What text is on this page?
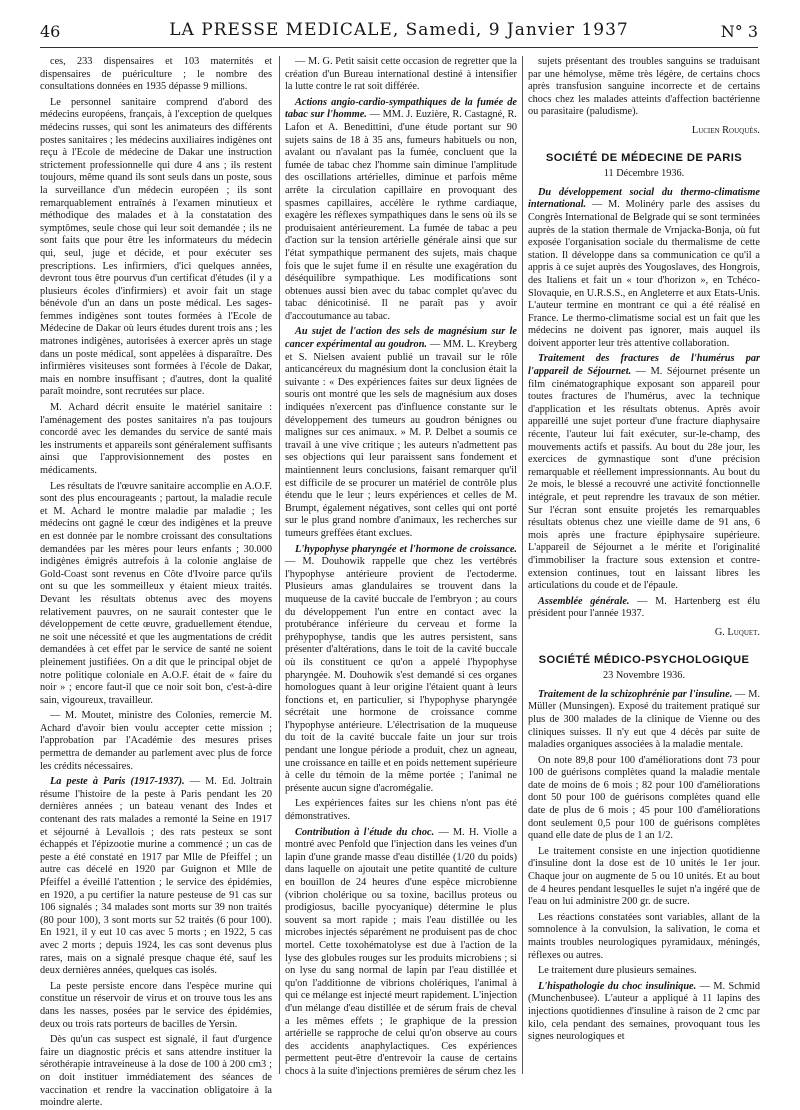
46	LA PRESSE MEDICALE, Samedi, 9 Janvier 1937	N° 3

ces, 233 dispensaires et 103 maternités et dispensaires de puériculture ; le nombre des consultations données en 1935 dépasse 9 millions.

Le personnel sanitaire comprend d'abord des médecins européens, français, à l'exception de quelques médecins russes, qui sont les animateurs des différents postes sanitaires ; les médecins auxiliaires indigènes ont reçu à l'Ecole de médecine de Dakar une instruction strictement professionnelle qui dure 4 ans ; ils restent toujours, même quand ils sont seuls dans un poste, sous la surveillance d'un médecin européen ; ils sont remarquablement entraînés à l'examen minutieux et méthodique des malades et à la constatation des symptômes, seule chose qui leur soit demandée ; ils ne sont faits que pour être les informateurs du médecin qui, seul, juge et décide, et pour exécuter ses prescriptions. Les infirmiers, d'ici quelques années, devront tous être pourvus d'un certificat d'études (il y a plusieurs écoles d'infirmiers) et avoir fait un stage bénévole d'un an dans un poste médical. Les sages-femmes indigènes sont toutes formées à l'Ecole de Médecine de Dakar où leurs études durent trois ans ; les matrones indigènes, autorisées à exercer après un stage dans un poste médical, sont appelées à disparaître. Des infirmières visiteuses sont formées à l'école de Dakar, mais en nombre insuffisant ; d'autres, dont la qualité paraît moindre, sont recrutées sur place.

M. Achard décrit ensuite le matériel sanitaire : l'aménagement des postes sanitaires n'a pas toujours concordé avec les demandes du service de santé mais les instruments et appareils sont généralement suffisants ainsi que l'approvisionnement des postes en médicaments.

Les résultats de l'œuvre sanitaire accomplie en A.O.F. sont des plus encourageants ; partout, la maladie recule et M. Achard le montre maladie par maladie ; les médecins ont gagné le cœur des indigènes et la preuve en est donnée par le nombre croissant des consultations demandées par les mères pour leurs enfants ; 30.000 indigènes émigrés autrefois à la colonie anglaise de Gold-Coast sont revenus en Côte d'Ivoire parce qu'ils ont su que les sommeilleux y étaient mieux traités. Devant les résultats obtenus avec des moyens relativement pauvres, on ne saurait contester que le développement de cette œuvre, graduellement étendue, ne soit une nécessité et que les augmentations de crédit demandées à cet effet par le service de santé ne soient pleinement justifiées. On a dit que le principal objet de notre politique coloniale en A.O.F. était de « faire du noir » ; encore faut-il que ce noir soit bon, c'est-à-dire sain, vigoureux, travailleur.

— M. Moutet, ministre des Colonies, remercie M. Achard d'avoir bien voulu accepter cette mission ; l'approbation par l'Académie des mesures prises permettra de demander au parlement avec plus de force les crédits nécessaires.

La peste à Paris (1917-1937). — M. Ed. Joltrain résume l'histoire de la peste à Paris pendant les 20 dernières années ; un bateau venant des Indes et contenant des rats malades a remonté la Seine en 1917 et séjourné à Levallois ; des rats pesteux se sont échappés et l'épizootie murine a commencé ; un cas de peste a été constaté en 1917 par Mlle de Pfeiffel ; un autre cas décelé en 1920 par Guignon et Mlle de Pfeiffel a éveillé l'attention ; le service des épidémies, en 1920, a pu certifier la nature pesteuse de 91 cas sur 106 signalés ; 34 malades sont morts sur 39 non traités (80 pour 100), 3 sont morts sur 52 traités (6 pour 100). En 1921, il y eut 10 cas avec 5 morts ; en 1922, 5 cas avec 2 morts ; depuis 1924, les cas sont devenus plus rares, mais on a signalé presque chaque été, sauf les deux dernières années, quelques cas isolés.

La peste persiste encore dans l'espèce murine qui constitue un réservoir de virus et on trouve tous les ans dans les nasses, posées par le service des épidémies, deux ou trois rats porteurs de bacilles de Yersin.

Dès qu'un cas suspect est signalé, il faut d'urgence faire un diagnostic précis et sans attendre instituer la sérothérapie intraveineuse à la dose de 100 à 200 cm3 ; on doit instituer immédiatement des séances de vaccination et rendre la vaccination obligatoire à la moindre alerte.

— M. G. Petit saisit cette occasion de regretter que la création d'un Bureau international destiné à intensifier la lutte contre le rat soit différée.

Actions angio-cardio-sympathiques de la fumée de tabac sur l'homme. — MM. J. Euzière, R. Castagné, R. Lafon et A. Benedittini, d'une étude portant sur 90 sujets sains de 18 à 35 ans, fumeurs habituels ou non, avalant ou n'avalant pas la fumée, concluent que la fumée de tabac chez l'homme sain diminue l'amplitude des oscillations artérielles, diminue et parfois même arrête la circulation capillaire en provoquant des spasmes capillaires, accélère le rythme cardiaque, exagère les réflexes sympathiques dans le sens où ils se produisaient antérieurement. La fumée de tabac a peu d'action sur la tension artérielle générale ainsi que sur l'état sympathique permanent des sujets, mais chaque fois que le sujet fume il en résulte une exagération du déséquilibre sympathique. Les modifications sont obtenues aussi bien avec du tabac complet qu'avec du tabac dénicotinisé. Il ne paraît pas y avoir d'accoutumance au tabac.

Au sujet de l'action des sels de magnésium sur le cancer expérimental au goudron. — MM. L. Kreyberg et S. Nielsen avaient publié un travail sur le rôle anticancéreux du magnésium dont la conclusion était la suivante : « Des expériences faites sur deux lignées de souris ont montré que les sels de magnésium aux doses indiquées n'exercent pas d'influence constante sur le développement des tumeurs au goudron bénignes ou malignes sur ces animaux. » M. P. Delbet a soumis ce travail à une vive critique ; les auteurs n'admettent pas ses objections qui leur paraissent sans fondement et maintiennent leurs conclusions, faisant remarquer qu'il est difficile de se procurer un matériel de contrôle plus étendu que le leur ; leurs expériences et celles de M. Brumpt, également négatives, sont celles qui ont porté sur le plus grand nombre d'animaux, les recherches sur tumeurs greffées étant exclues.

L'hypophyse pharyngée et l'hormone de croissance. — M. Douhowik rappelle que chez les vertébrés l'hypophyse antérieure provient de l'ectoderme. Plusieurs amas glandulaires se trouvent dans la muqueuse de la cavité buccale de l'embryon ; au cours du développement l'un entre en contact avec la protubérance inférieure du cerveau et forme la préhypophyse, tandis que les autres persistent, sans présenter d'altérations, dans le toit de la cavité buccale où ils constituent ce qu'on a appelé l'hypophyse pharyngée. M. Douhowik s'est demandé si ces organes homologues quant à leur origine l'étaient quant à leurs fonctions et, en particulier, si l'hypophyse pharyngée sécrétait une hormone de croissance comme l'hypophyse antérieure. L'électrisation de la muqueuse du toit de la cavité buccale faite un jour sur trois pendant une longue période a produit, chez un agneau, une croissance en taille et en poids nettement supérieure à celle du témoin de la même portée ; l'animal ne présente aucun signe d'acromégalie.

Les expériences faites sur les chiens n'ont pas été démonstratives.

Contribution à l'étude du choc. — M. H. Violle a montré avec Penfold que l'injection dans les veines d'un lapin d'une grande masse d'eau distillée (1/20 du poids) dans laquelle on ajoutait une petite quantité de culture en bouillon de 24 heures d'une espèce microbienne (vibrion cholérique ou sa toxine, bacillus proteus ou prodigiosus, bacille pyocyanique) détermine le plus souvent sa mort rapide ; mais l'eau distillée ou les microbes injectés séparément ne produisent pas de choc mortel. Cette toxohématolyse est due à l'action de la lyse des globules rouges sur les produits microbiens ; si on lyse du sang normal de lapin par l'eau distillée et qu'on l'additionne de vibrions cholériques, l'animal à qui ce mélange est injecté meurt rapidement. L'injection d'un mélange d'eau distillée et de sérum frais de cheval a les mêmes effets ; le graphique de la pression artérielle se rapproche de celui qu'on observe au cours des accidents anaphylactiques. Ces expériences permettent peut-être d'entrevoir la cause de certains chocs à la suite d'injections premières de sérum chez les

sujets présentant des troubles sanguins se traduisant par une hémolyse, même très légère, de certains chocs après transfusion sanguine incorrecte et de certains chocs chez les malades atteints d'affection bactérienne ou parasitaire (paludisme).

Lucien Rouquès.
SOCIÉTÉ DE MÉDECINE DE PARIS
11 Décembre 1936.

Du développement social du thermo-climatisme international. — M. Molinéry parle des assises du Congrès International de Belgrade qui se sont terminées auprès de la station thermale de Vrnjacka-Bonja, où fut exposée l'organisation sociale du thermalisme de cette station. Il développe dans sa communication ce qu'il a appris à ce sujet auprès des Yougoslaves, des Hongrois, des Italiens et fait un « tour d'horizon », en Tchéco-Slovaquie, en U.R.S.S., en Angleterre et aux Etats-Unis. L'auteur termine en montrant ce qui a été réalisé en France. Le thermo-climatisme social est un fait que les médecins ne doivent pas ignorer, mais auquel ils doivent apporter leur très attentive collaboration.

Traitement des fractures de l'humérus par l'appareil de Séjournet. — M. Séjournet présente un film cinématographique exposant son appareil pour toutes fractures de l'humérus, avec la technique d'application et les résultats obtenus. Après avoir appareillé une sujet porteur d'une fracture diaphysaire récente, l'auteur lui fait exécuter, sur-le-champ, des mouvements actifs et passifs. Au bout du 28e jour, les exercices de gymnastique sont d'une précision remarquable et réellement impressionnants. Au bout du 2e mois, le blessé a recouvré une activité fonctionnelle intégrale, et peut reprendre les travaux de son métier. Sur l'écran sont ensuite projetés les remarquables résultats obtenus chez une vieille dame de 91 ans, 6 mois après une fracture épiphysaire supérieure. L'appareil de Séjournet a le mérite et l'originalité d'immobiliser la fracture sous extension et contre-extension continues, tout en laissant libres les articulations du coude et de l'épaule.

Assemblée générale. — M. Hartenberg est élu président pour l'année 1937.

G. Luquet.
SOCIÉTÉ MÉDICO-PSYCHOLOGIQUE
23 Novembre 1936.

Traitement de la schizophrénie par l'insuline. — M. Müller (Munsingen). Exposé du traitement pratiqué sur plus de 300 malades de la clinique de Vienne ou des cliniques suisses. Il n'y eut que 4 décès par suite de maladies organiques associées à la maladie mentale.

On note 89,8 pour 100 d'améliorations dont 73 pour 100 de guérisons complètes quand la maladie mentale date de moins de 6 mois ; 82 pour 100 d'améliorations dont 50 pour 100 de guérisons complètes quand elle date de plus de 6 mois ; 45 pour 100 d'améliorations dont seulement 0,5 pour 100 de guérisons complètes quand elle date de plus de 1 an 1/2.

Le traitement consiste en une injection quotidienne d'insuline dont la dose est de 10 unités le 1er jour. Chaque jour on augmente de 5 ou 10 unités. Et au bout de 4 heures pendant lesquelles le sujet n'a ingéré que de l'eau on lui administre 200 gr. de sucre.

Les réactions constatées sont variables, allant de la somnolence à la convulsion, la salivation, le coma et maints troubles neurologiques pyramidaux, méningés, réflexes ou autres.

Le traitement dure plusieurs semaines.

L'hispathologie du choc insulinique. — M. Schmid (Munchenbusee). L'auteur a appliqué à 11 lapins des injections quotidiennes d'insuline à raison de 2 cmc par kilo, cela pendant des semaines, provoquant tous les signes neurologiques et
